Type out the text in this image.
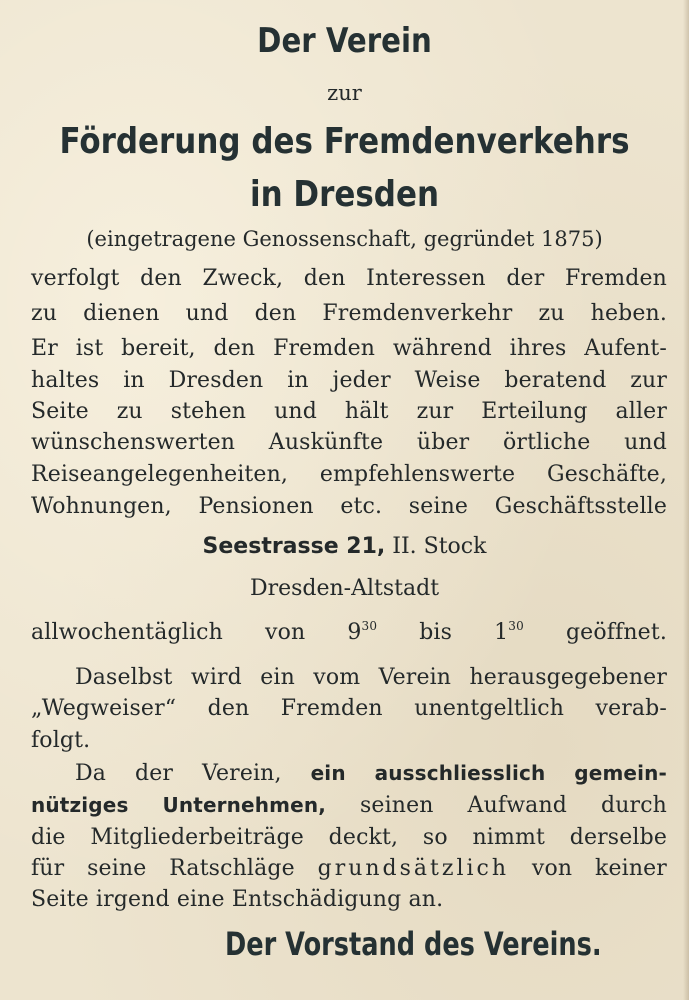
Der Verein
zur
Förderung des Fremdenverkehrs
in Dresden
(eingetragene Genossenschaft, gegründet 1875)
verfolgt den Zweck, den Interessen der Fremden
zu dienen und den Fremdenverkehr zu heben.
Er ist bereit, den Fremden während ihres Aufent-
haltes in Dresden in jeder Weise beratend zur
Seite zu stehen und hält zur Erteilung aller
wünschenswerten Auskünfte über örtliche und
Reiseangelegenheiten, empfehlenswerte Geschäfte,
Wohnungen, Pensionen etc. seine Geschäftsstelle
Seestrasse 21, II. Stock
Dresden-Altstadt
allwochentäglich von $9^{30}$ bis $1^{30}$ geöffnet.
Daselbst wird ein vom Verein herausgegebener
„Wegweiser“ den Fremden unentgeltlich verab-
folgt.
Da der Verein, ein ausschliesslich gemein-
nütziges Unternehmen, seinen Aufwand durch
die Mitgliederbeiträge deckt, so nimmt derselbe
für seine Ratschläge grundsätzlich von keiner
Seite irgend eine Entschädigung an.
Der Vorstand des Vereins.
